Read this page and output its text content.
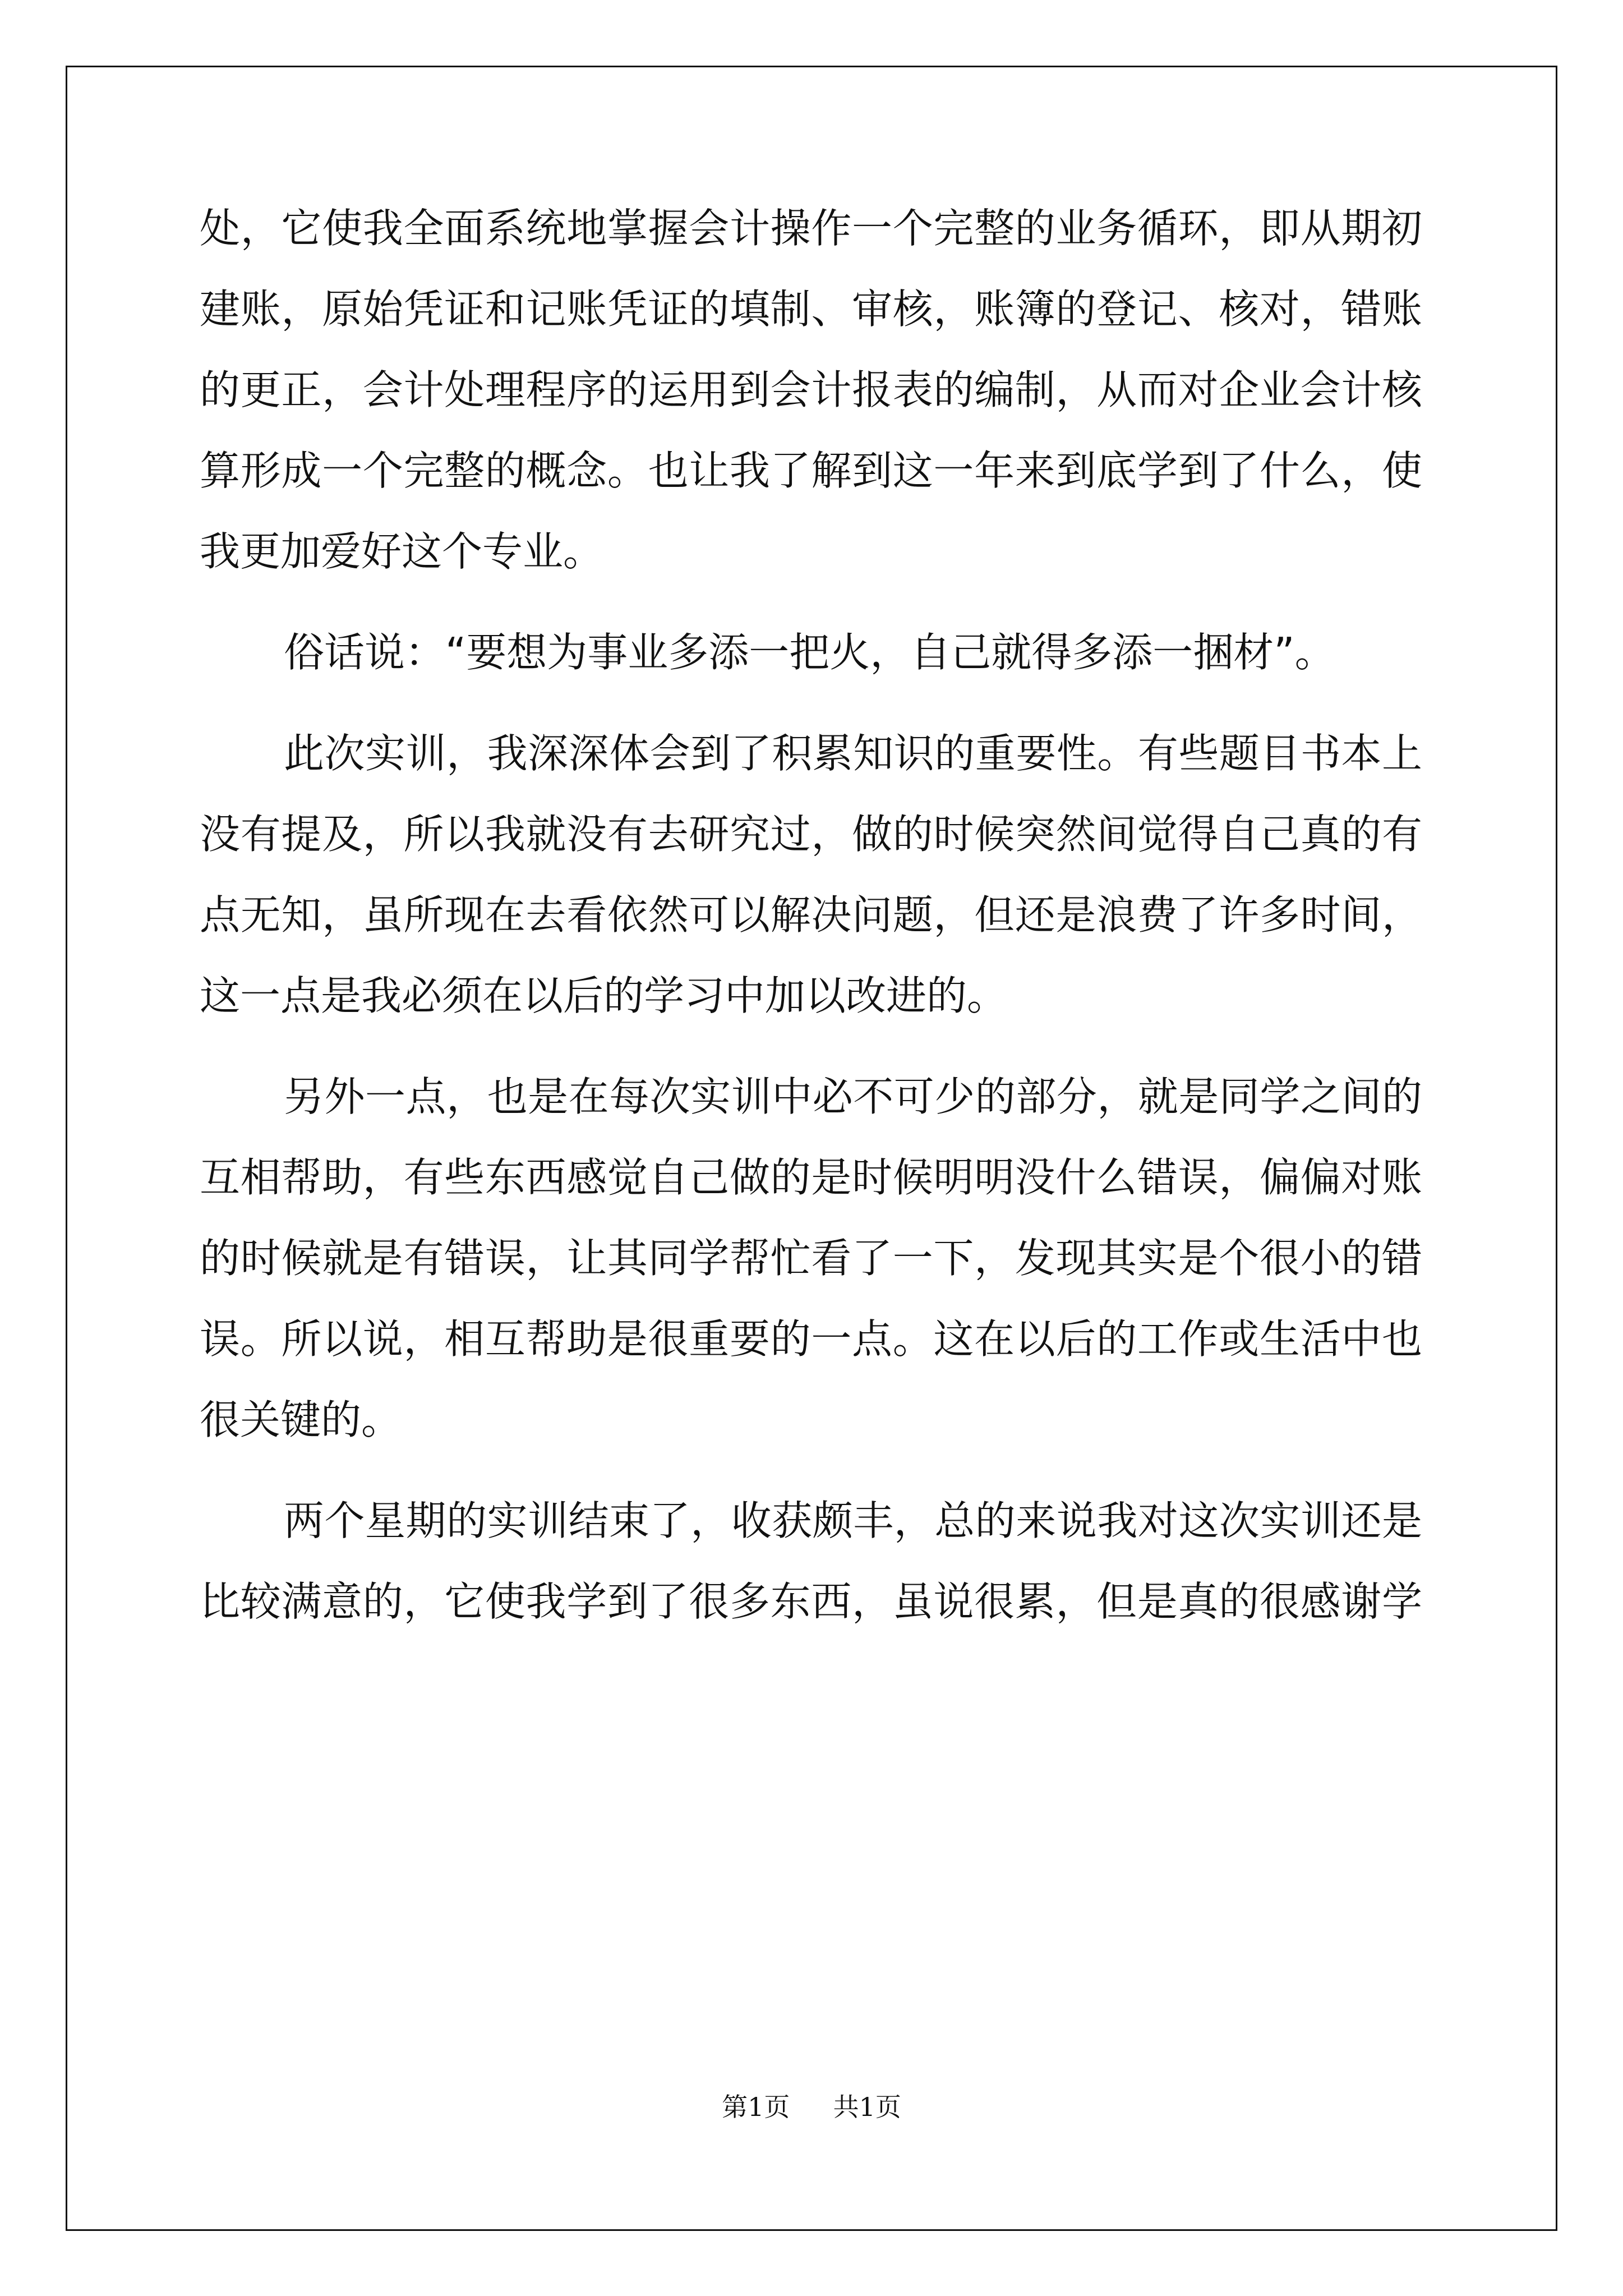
处，它使我全面系统地掌握会计操作一个完整的业务循环，即从期初
建账，原始凭证和记账凭证的填制、审核，账簿的登记、核对，错账
的更正，会计处理程序的运用到会计报表的编制，从而对企业会计核
算形成一个完整的概念。也让我了解到这一年来到底学到了什么，使
我更加爱好这个专业。
俗话说：“要想为事业多添一把火，自己就得多添一捆材”。
此次实训，我深深体会到了积累知识的重要性。有些题目书本上
没有提及，所以我就没有去研究过，做的时候突然间觉得自己真的有
点无知，虽所现在去看依然可以解决问题，但还是浪费了许多时间，
这一点是我必须在以后的学习中加以改进的。
另外一点，也是在每次实训中必不可少的部分，就是同学之间的
互相帮助，有些东西感觉自己做的是时候明明没什么错误，偏偏对账
的时候就是有错误，让其同学帮忙看了一下，发现其实是个很小的错
误。所以说，相互帮助是很重要的一点。这在以后的工作或生活中也
很关键的。
两个星期的实训结束了，收获颇丰，总的来说我对这次实训还是
比较满意的，它使我学到了很多东西，虽说很累，但是真的很感谢学
第1页 共1页
